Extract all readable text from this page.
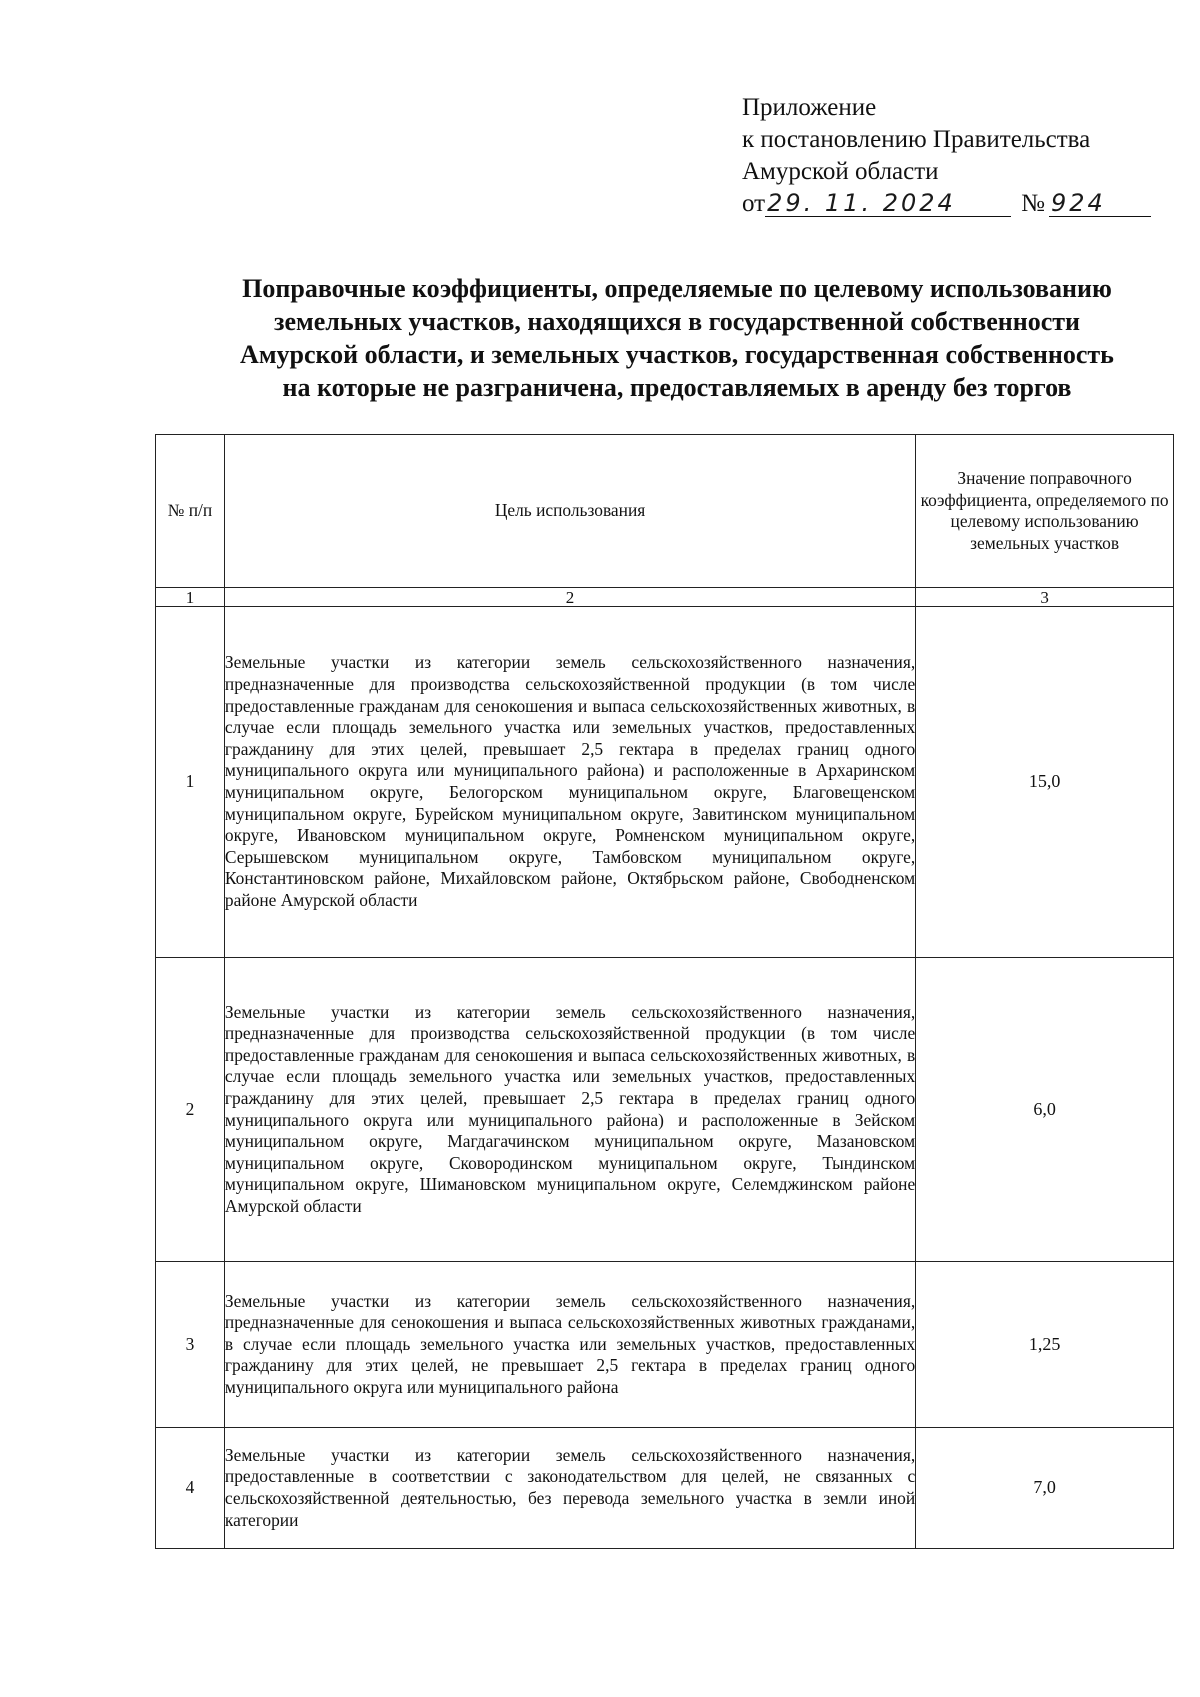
Приложение
к постановлению Правительства
Амурской области
от29. 11. 2024	№ 924
Поправочные коэффициенты, определяемые по целевому использованию
земельных участков, находящихся в государственной собственности
Амурской области, и земельных участков, государственная собственность
на которые не разграничена, предоставляемых в аренду без торгов
№ п/п	Цель использования	Значение поправочного коэффициента, определяемого по целевому использованию земельных участков
1	2	3
1	Земельные участки из категории земель сельскохозяйственного назначения, предназначенные для производства сельскохозяйственной продукции (в том числе предоставленные гражданам для сенокошения и выпаса сельскохозяйственных животных, в случае если площадь земельного участка или земельных участков, предоставленных гражданину для этих целей, превышает 2,5 гектара в пределах границ одного муниципального округа или муниципального района) и расположенные в Архаринском муниципальном округе, Белогорском муниципальном округе, Благовещенском муниципальном округе, Бурейском муниципальном округе, Завитинском муниципальном округе, Ивановском муниципальном округе, Ромненском муниципальном округе, Серышевском муниципальном округе, Тамбовском муниципальном округе, Константиновском районе, Михайловском районе, Октябрьском районе, Свободненском районе Амурской области	15,0
2	Земельные участки из категории земель сельскохозяйственного назначения, предназначенные для производства сельскохозяйственной продукции (в том числе предоставленные гражданам для сенокошения и выпаса сельскохозяйственных животных, в случае если площадь земельного участка или земельных участков, предоставленных гражданину для этих целей, превышает 2,5 гектара в пределах границ одного муниципального округа или муниципального района) и расположенные в Зейском муниципальном округе, Магдагачинском муниципальном округе, Мазановском муниципальном округе, Сковородинском муниципальном округе, Тындинском муниципальном округе, Шимановском муниципальном округе, Селемджинском районе Амурской области	6,0
3	Земельные участки из категории земель сельскохозяйственного назначения, предназначенные для сенокошения и выпаса сельскохозяйственных животных гражданами, в случае если площадь земельного участка или земельных участков, предоставленных гражданину для этих целей, не превышает 2,5 гектара в пределах границ одного муниципального округа или муниципального района	1,25
4	Земельные участки из категории земель сельскохозяйственного назначения, предоставленные в соответствии с законодательством для целей, не связанных с сельскохозяйственной деятельностью, без перевода земельного участка в земли иной категории	7,0
